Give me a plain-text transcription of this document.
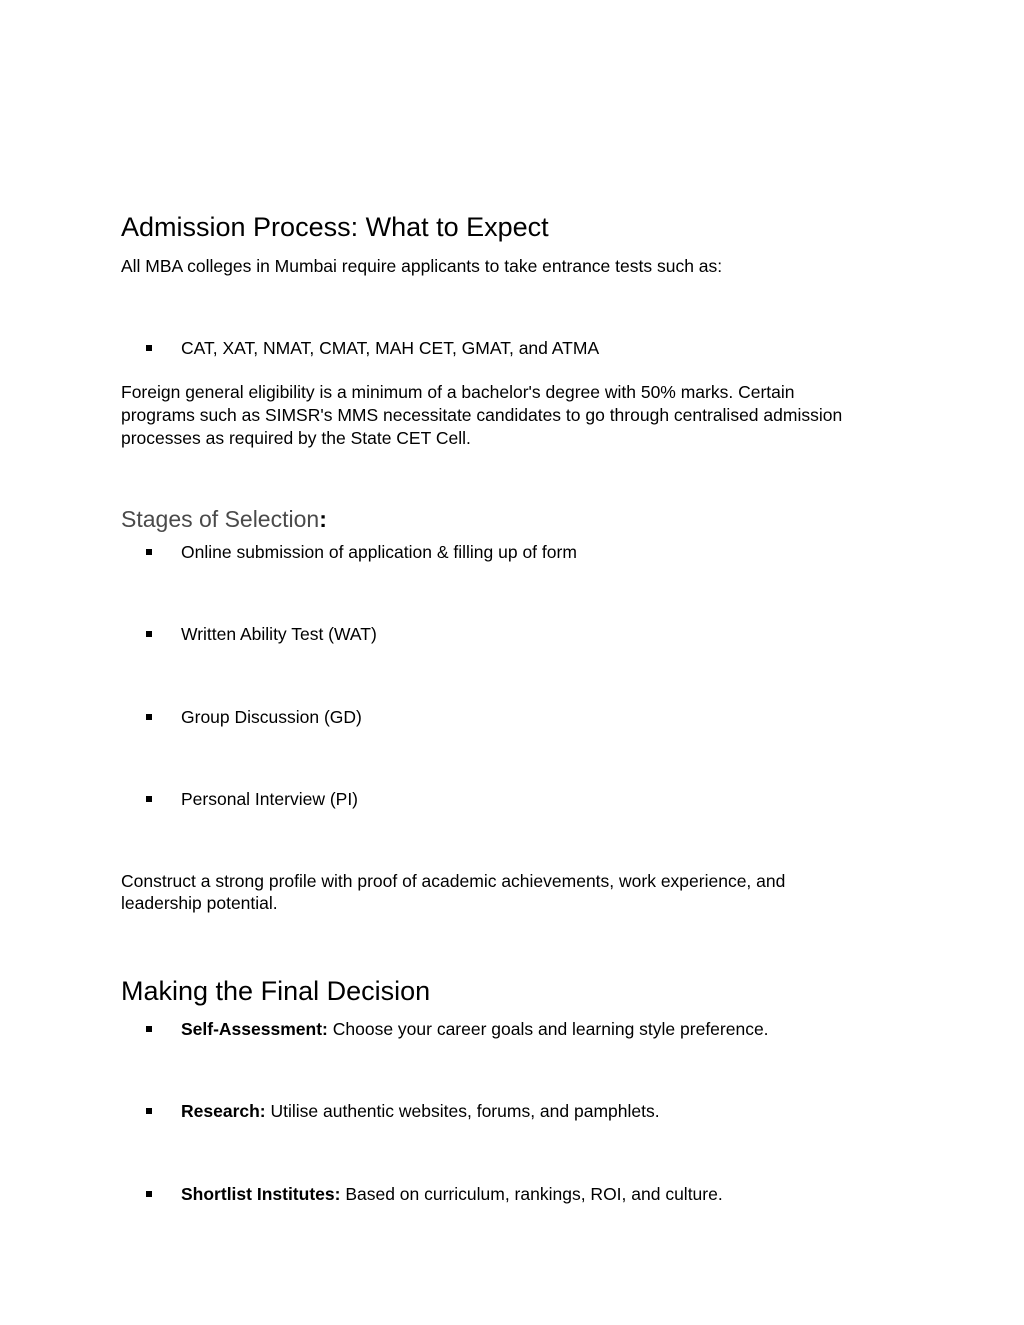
Admission Process: What to Expect

All MBA colleges in Mumbai require applicants to take entrance tests such as:

CAT, XAT, NMAT, CMAT, MAH CET, GMAT, and ATMA

Foreign general eligibility is a minimum of a bachelor's degree with 50% marks. Certain

programs such as SIMSR's MMS necessitate candidates to go through centralised admission

processes as required by the State CET Cell.

Stages of Selection:

Online submission of application & filling up of form

Written Ability Test (WAT)

Group Discussion (GD)

Personal Interview (PI)

Construct a strong profile with proof of academic achievements, work experience, and

leadership potential.

Making the Final Decision

Self-Assessment: Choose your career goals and learning style preference.

Research: Utilise authentic websites, forums, and pamphlets.

Shortlist Institutes: Based on curriculum, rankings, ROI, and culture.
